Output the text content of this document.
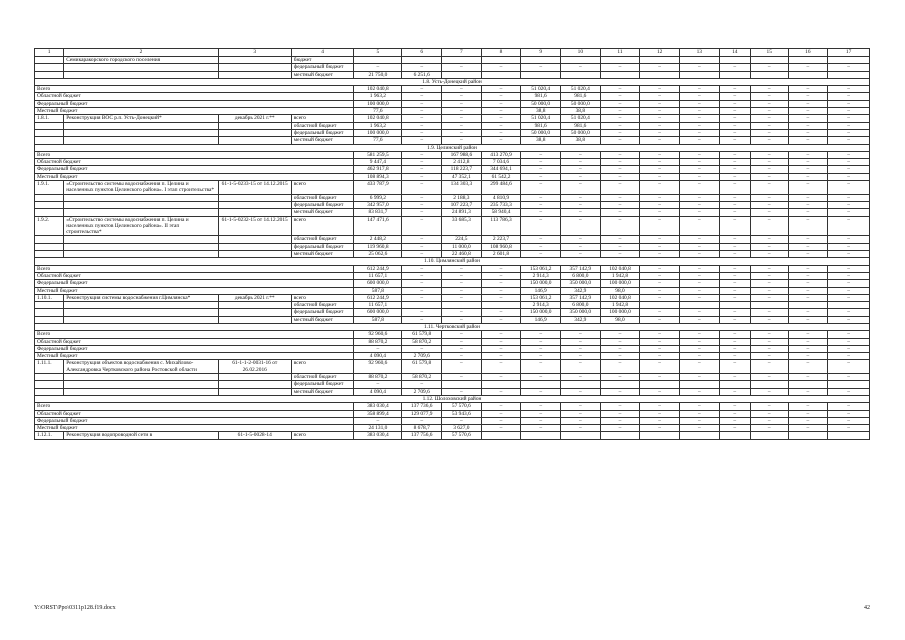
1	2	3	4	5	6	7	8	9	10	11	12	13	14	15	16	17
	Семикаракорского городского поселения		бюджет													
			федеральный бюджет	–	–	–	–	–	–	–	–	–	–	–	–	–
			местный бюджет	21 750,0	6 251,6											
1.8. Усть-Донецкий район																
Всего				102 040,8	–	–	–	51 020,4	51 020,4	–	–	–	–	–	–	–
Областной бюджет				1 963,2	–	–	–	981,6	981,6	–	–	–	–	–	–	–
Федеральный бюджет				100 000,0	–	–	–	50 000,0	50 000,0	–	–	–	–	–	–	–
Местный бюджет				77,6	–	–	–	38,8	38,8	–	–	–	–	–	–	–
1.8.1.	Реконструкция ВОС р.п. Усть-Донецкий*	декабрь 2021 г.**	всего	102 040,8	–	–	–	51 020,4	51 020,4	–	–	–	–	–	–	–
			областной бюджет	1 963,2	–	–	–	981,6	981,6	–	–	–	–	–	–	–
			федеральный бюджет	100 000,0	–	–	–	50 000,0	50 000,0	–	–	–	–	–	–	–
			местный бюджет	77,6	–	–	–	38,8	38,8	–	–	–	–	–	–	–
1.9. Целинский район																
Всего				581 259,5	–	167 988,6	413 270,9	–	–	–	–	–	–	–	–	–
Областной бюджет				9 447,4	–	2 412,8	7 034,6	–	–	–	–	–	–	–	–	–
Федеральный бюджет				462 917,8	–	118 223,7	344 694,1	–	–	–	–	–	–	–	–	–
Местный бюджет				108 894,3	–	47 352,1	61 542,2	–	–	–	–	–	–	–	–	–
1.9.1.	«Строительство системы водоснабжения п. Целина и населенных пунктов Целинского района». I этап строительства*	61-1-5-0233-15 от 14.12.2015	всего	433 787,9	–	134 303,3	299 484,6	–	–	–	–	–	–	–	–	–
			областной бюджет	6 999,2	–	2 188,3	4 810,9	–	–	–	–	–	–	–	–	–
			федеральный бюджет	342 957,0	–	107 223,7	235 733,3	–	–	–	–	–	–	–	–	–
			местный бюджет	83 831,7	–	24 891,3	58 940,4	–	–	–	–	–	–	–	–	–
1.9.2.	«Строительство системы водоснабжения п. Целина и населенных пунктов Целинского района». II этап строительства*	61-1-5-0232-15 от 14.12.2015	всего	147 471,6	–	33 685,3	113 786,3	–	–	–	–	–	–	–	–	–
			областной бюджет	2 448,2	–	224,5	2 223,7	–	–	–	–	–	–	–	–	–
			федеральный бюджет	119 960,8	–	11 000,0	108 960,8	–	–	–	–	–	–	–	–	–
			местный бюджет	25 062,6	–	22 460,8	2 601,8	–	–	–	–	–	–	–	–	–
1.10. Цимлянский район																
Всего				612 244,9	–	–	–	153 061,2	357 142,9	102 040,8	–	–	–	–	–	–
Областной бюджет				11 657,1	–	–	–	2 914,3	6 800,0	1 942,8	–	–	–	–	–	–
Федеральный бюджет				600 000,0	–	–	–	150 000,0	350 000,0	100 000,0	–	–	–	–	–	–
Местный бюджет				587,8	–	–	–	146,9	342,9	98,0	–	–	–	–	–	–
1.10.1.	Реконструкция системы водоснабжения г.Цимлянска*	декабрь 2021 г.**	всего	612 244,9	–	–	–	153 061,2	357 142,9	102 040,8	–	–	–	–	–	–
			областной бюджет	11 657,1				2 914,3	6 800,0	1 942,8						
			федеральный бюджет	600 000,0	–	–	–	150 000,0	350 000,0	100 000,0	–	–	–	–	–	–
			местный бюджет	587,8	–	–	–	146,9	342,9	98,0	–	–	–	–	–	–
1.11. Чертковский район																
Всего				92 960,6	61 579,8	–	–	–	–	–	–	–	–	–	–	–
Областной бюджет				88 870,2	58 870,2	–	–	–	–	–	–	–	–	–	–	–
Федеральный бюджет				–	–	–	–	–	–	–	–	–	–	–	–	–
Местный бюджет				4 090,4	2 709,6	–	–	–	–	–	–	–	–	–	–	–
1.11.1.	Реконструкция объектов водоснабжения с. Михайлово-Александровка Чертковского района Ростовской области	61-1-1-2-0031-16 от 26.02.2016	всего	92 960,6	61 579,8	–	–	–	–	–	–	–	–	–	–	–
			областной бюджет	88 870,2	58 870,2	–	–	–	–	–	–	–	–	–	–	–
			федеральный бюджет	–	–											
			местный бюджет	4 090,4	2 709,6	–	–	–	–	–	–	–	–	–	–	–
1.12. Шолоховский район																
Всего				383 030,4	137 736,6	57 570,6	–	–	–	–	–	–	–	–	–	–
Областной бюджет				358 899,4	129 077,9	53 943,6	–	–	–	–	–	–	–	–	–	–
Федеральный бюджет				–	–	–	–	–	–	–	–	–	–	–	–	–
Местный бюджет				24 131,0	8 678,7	3 627,0	–	–	–	–	–	–	–	–	–	–
1.12.1.	Реконструкция водопроводной сети в	61-1-5-0028-14	всего	383 030,4	137 756,6	57 570,6										
Y:\ORST\Ppo\0311p128.f19.docx	42
